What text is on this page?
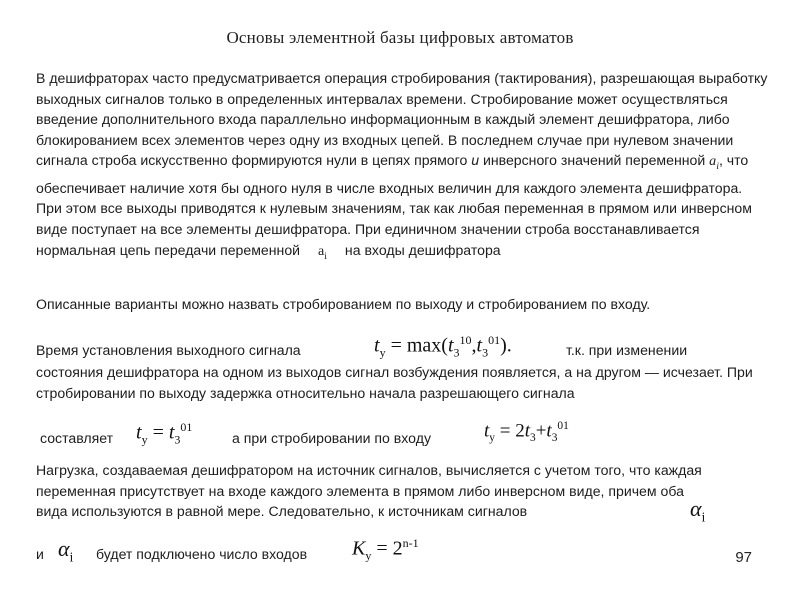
Основы элементной базы цифровых автоматов
В дешифраторах часто предусматривается операция стробирования (тактирования), разрешающая выработку выходных сигналов только в определенных интервалах времени. Стробирование может осуществляться введение дополнительного входа параллельно информационным в каждый элемент дешифратора, либо блокированием всех элементов через одну из входных цепей. В последнем случае при нулевом значении сигнала строба искусственно формируются нули в цепях прямого и инверсного значений переменной $a_i$, что обеспечивает наличие хотя бы одного нуля в числе входных величин для каждого элемента дешифратора. При этом все выходы приводятся к нулевым значениям, так как любая переменная в прямом или инверсном виде поступает на все элементы дешифратора. При единичном значении строба восстанавливается нормальная цепь передачи переменной $a_i$ на входы дешифратора
Описанные варианты можно назвать стробированием по выходу и стробированием по входу.
Время установления выходного сигнала	$t_y = \max(t_3^{10},t_3^{01})$.	т.к. при изменении
состояния дешифратора на одном из выходов сигнал возбуждения появляется, а на другом — исчезает. При стробировании по выходу задержка относительно начала разрешающего сигнала
составляет $t_y = t_3^{01}$
а при стробировании по входу	$t_y = 2t_3+t_3^{01}$
Нагрузка, создаваемая дешифратором на источник сигналов, вычисляется с учетом того, что каждая переменная присутствует на входе каждого элемента в прямом либо инверсном виде, причем оба вида используются в равной мере. Следовательно, к источникам сигналов	$\alpha_i$
и $\alpha_i$ будет подключено число входов $K_y = 2^{n-1}$
97
